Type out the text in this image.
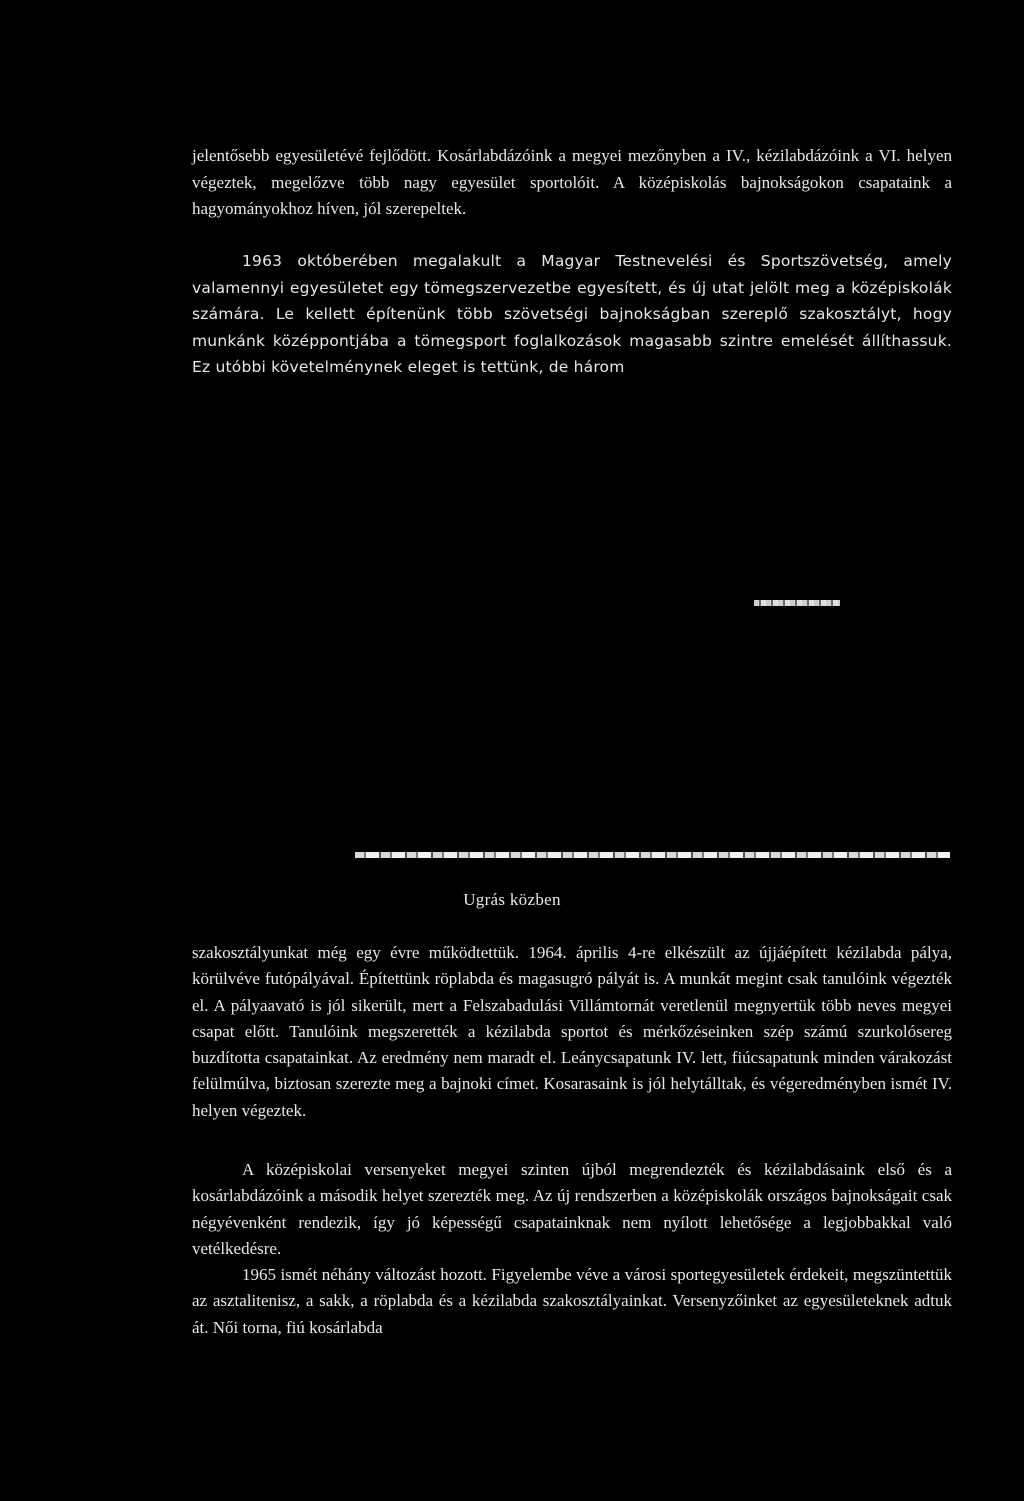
jelentősebb egyesületévé fejlődött. Kosárlabdázóink a megyei mezőnyben a IV., kézilabdázóink a VI. helyen végeztek, megelőzve több nagy egyesület sportolóit. A középiskolás bajnokságokon csapataink a hagyományokhoz híven, jól szerepeltek.

1963 októberében megalakult a Magyar Testnevelési és Sportszövetség, amely valamennyi egyesületet egy tömegszervezetbe egyesített, és új utat jelölt meg a középiskolák számára. Le kellett építenünk több szövetségi bajnokságban szereplő szakosztályt, hogy munkánk középpontjába a tömegsport foglalkozások magasabb szintre emelését állíthassuk. Ez utóbbi követelménynek eleget is tettünk, de három

Ugrás közben

szakosztályunkat még egy évre működtettük. 1964. április 4-re elkészült az újjáépített kézilabda pálya, körülvéve futópályával. Építettünk röplabda és magasugró pályát is. A munkát megint csak tanulóink végezték el. A pályaavató is jól sikerült, mert a Felszabadulási Villámtornát veretlenül megnyertük több neves megyei csapat előtt. Tanulóink megszerették a kézilabda sportot és mérkőzéseinken szép számú szurkolósereg buzdította csapatainkat. Az eredmény nem maradt el. Leánycsapatunk IV. lett, fiúcsapatunk minden várakozást felülmúlva, biztosan szerezte meg a bajnoki címet. Kosarasaink is jól helytálltak, és végeredményben ismét IV. helyen végeztek.

A középiskolai versenyeket megyei szinten újból megrendezték és kézilabdásaink első és a kosárlabdázóink a második helyet szerezték meg. Az új rendszerben a középiskolák országos bajnokságait csak négyévenként rendezik, így jó képességű csapatainknak nem nyílott lehetősége a legjobbakkal való vetélkedésre.

1965 ismét néhány változást hozott. Figyelembe véve a városi sportegyesületek érdekeit, megszüntettük az asztalitenisz, a sakk, a röplabda és a kézilabda szakosztályainkat. Versenyzőinket az egyesületeknek adtuk át. Női torna, fiú kosárlabda
